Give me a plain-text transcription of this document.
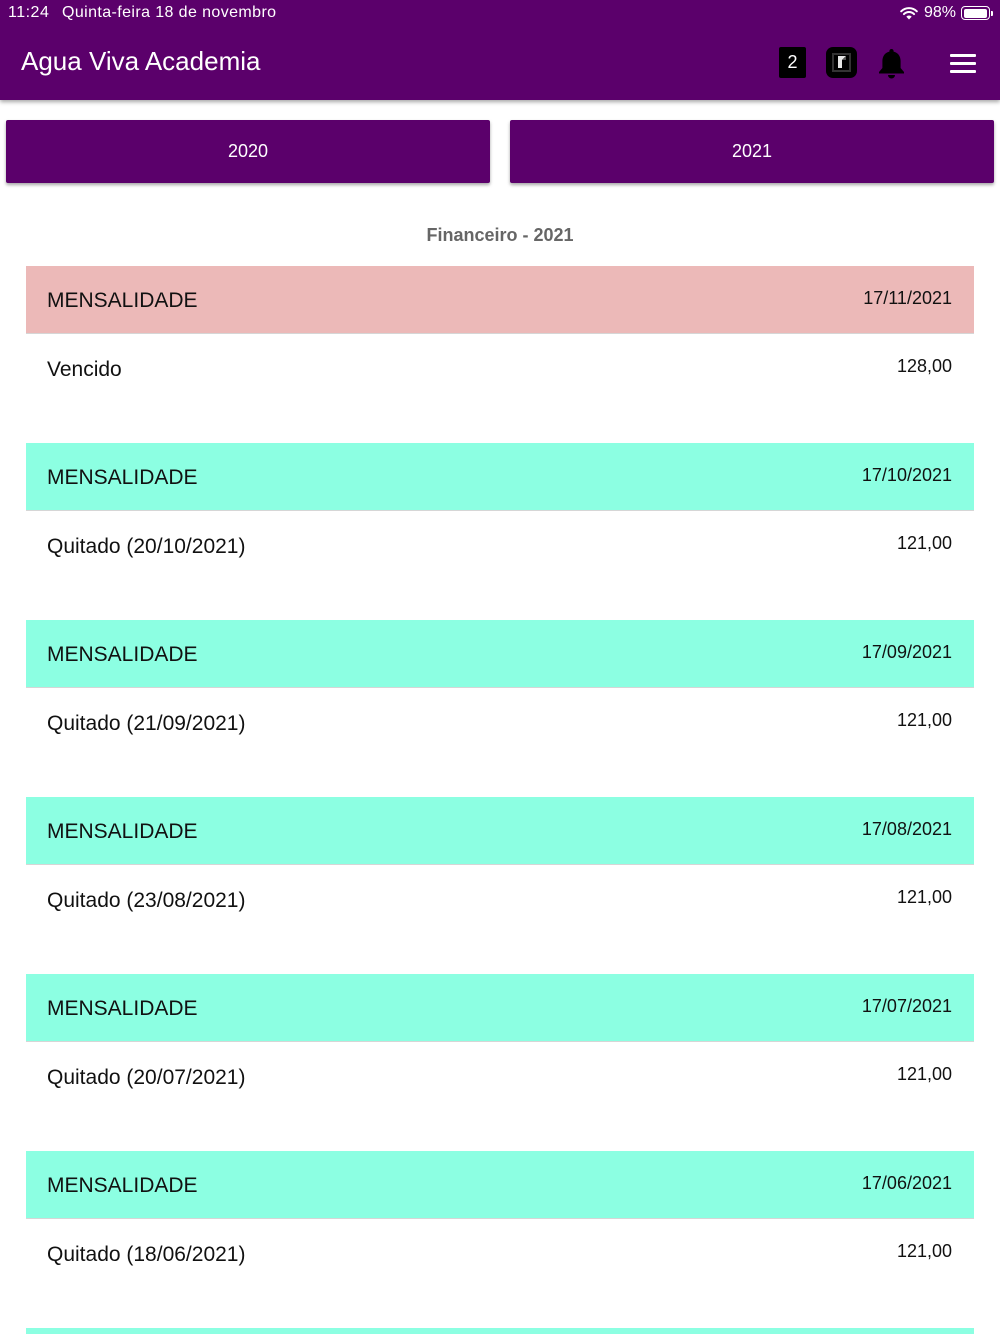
11:24 Quinta-feira 18 de novembro	98%
Agua Viva Academia	2
2020	2021
Financeiro - 2021
MENSALIDADE	17/11/2021
Vencido	128,00
MENSALIDADE	17/10/2021
Quitado (20/10/2021)	121,00
MENSALIDADE	17/09/2021
Quitado (21/09/2021)	121,00
MENSALIDADE	17/08/2021
Quitado (23/08/2021)	121,00
MENSALIDADE	17/07/2021
Quitado (20/07/2021)	121,00
MENSALIDADE	17/06/2021
Quitado (18/06/2021)	121,00
